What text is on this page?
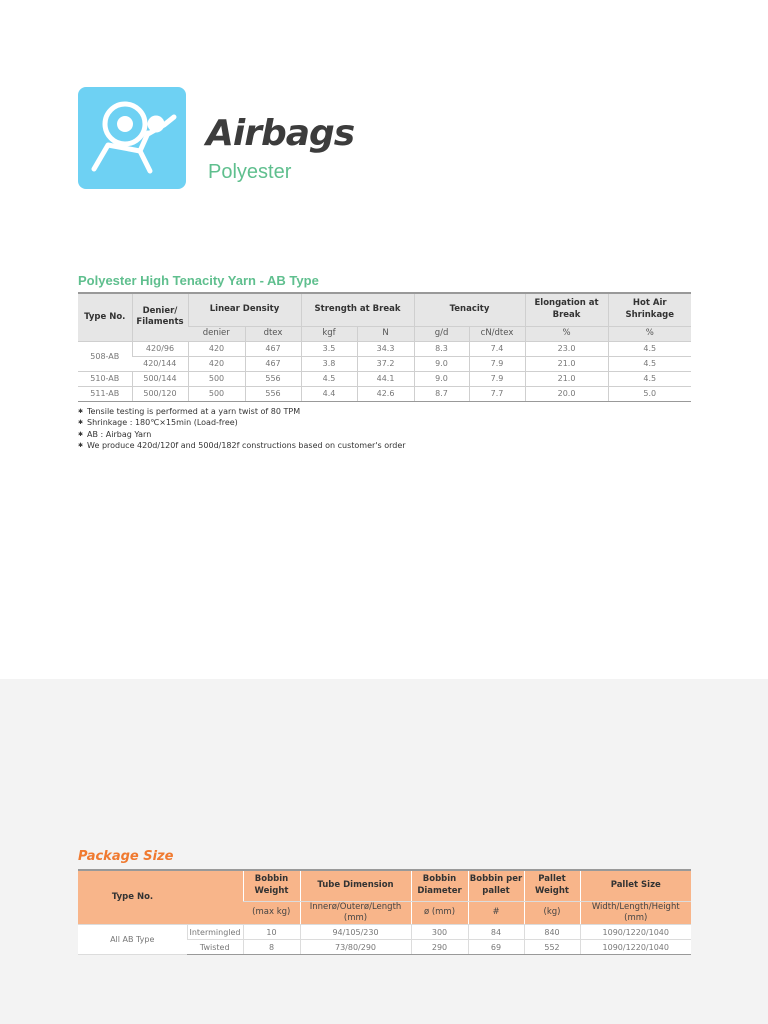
Airbags
Polyester
Polyester High Tenacity Yarn - AB Type
Type No.	Denier/ Filaments	Linear Density		Strength at Break		Tenacity		Elongation at Break	Hot Air Shrinkage
		denier	dtex	kgf	N	g/d	cN/dtex	%	%
508-AB	420/96	420	467	3.5	34.3	8.3	7.4	23.0	4.5
	420/144	420	467	3.8	37.2	9.0	7.9	21.0	4.5
510-AB	500/144	500	556	4.5	44.1	9.0	7.9	21.0	4.5
511-AB	500/120	500	556	4.4	42.6	8.7	7.7	20.0	5.0
✱ Tensile testing is performed at a yarn twist of 80 TPM
✱ Shrinkage : 180℃×15min (Load-free)
✱ AB : Airbag Yarn
✱ We produce 420d/120f and 500d/182f constructions based on customer's order
Package Size
Type No.		Bobbin Weight	Tube Dimension	Bobbin Diameter	Bobbin per pallet	Pallet Weight	Pallet Size
		(max kg)	Innerø/Outerø/Length (mm)	ø (mm)	#	(kg)	Width/Length/Height (mm)
All AB Type	Intermingled	10	94/105/230	300	84	840	1090/1220/1040
	Twisted	8	73/80/290	290	69	552	1090/1220/1040
